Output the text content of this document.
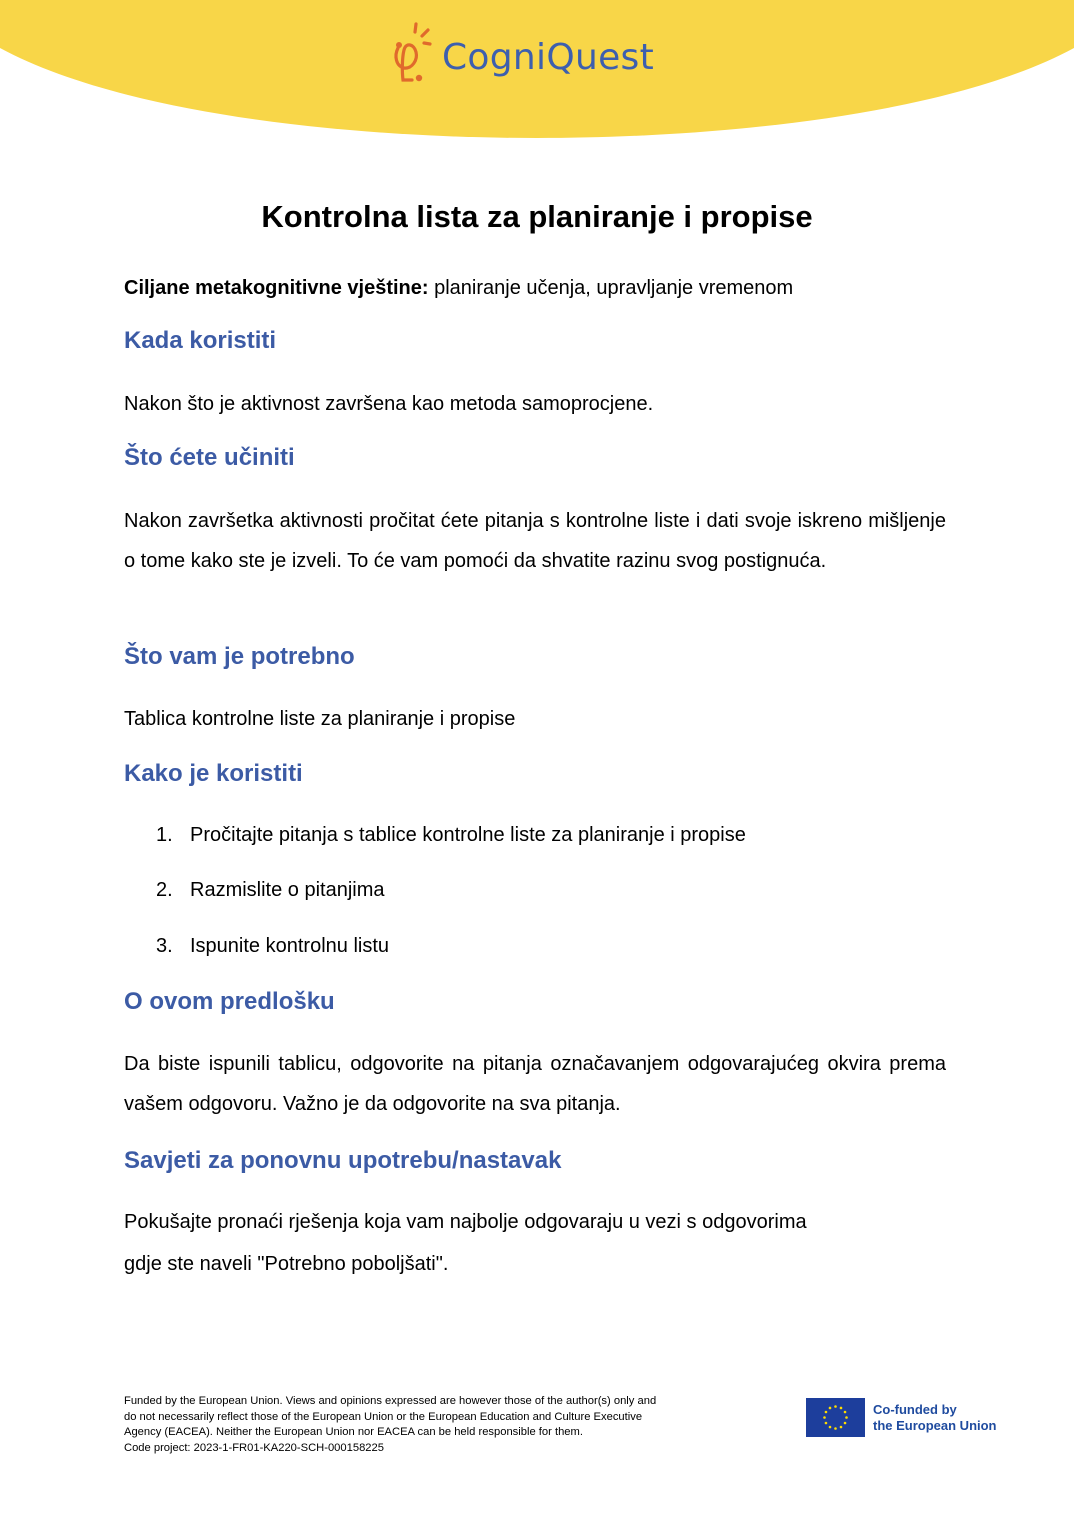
CogniQuest
Kontrolna lista za planiranje i propise
Ciljane metakognitivne vještine: planiranje učenja, upravljanje vremenom
Kada koristiti

Nakon što je aktivnost završena kao metoda samoprocjene.

Što ćete učiniti

Nakon završetka aktivnosti pročitat ćete pitanja s kontrolne liste i dati svoje iskreno mišljenje o tome kako ste je izveli. To će vam pomoći da shvatite razinu svog postignuća.

Što vam je potrebno

Tablica kontrolne liste za planiranje i propise

Kako je koristiti
1. Pročitajte pitanja s tablice kontrolne liste za planiranje i propise
2. Razmislite o pitanjima
3. Ispunite kontrolnu listu
O ovom predlošku

Da biste ispunili tablicu, odgovorite na pitanja označavanjem odgovarajućeg okvira prema vašem odgovoru. Važno je da odgovorite na sva pitanja.

Savjeti za ponovnu upotrebu/nastavak
Pokušajte pronaći rješenja koja vam najbolje odgovaraju u vezi s odgovorima
gdje ste naveli "Potrebno poboljšati".

Funded by the European Union. Views and opinions expressed are however those of the author(s) only and

do not necessarily reflect those of the European Union or the European Education and Culture Executive

Agency (EACEA). Neither the European Union nor EACEA can be held responsible for them.

Code project: 2023-1-FR01-KA220-SCH-000158225

Co-funded by
the European Union
